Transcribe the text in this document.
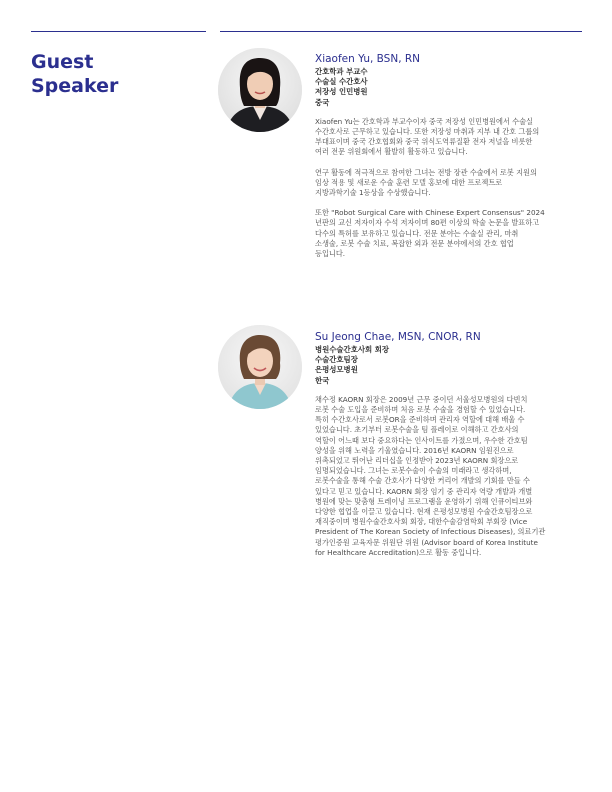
Guest
Speaker
Xiaofen Yu, BSN, RN

간호학과 부교수

수술실 수간호사

저장성 인민병원

중국

Xiaofen Yu는 간호학과 부교수이자 중국 저장성 인민병원에서 수술실

수간호사로 근무하고 있습니다. 또한 저장성 마취과 지부 내 간호 그룹의

부대표이며 중국 간호협회와 중국 위식도역류질환 전자 저널을 비롯한

여러 전문 위원회에서 활발히 활동하고 있습니다.

연구 활동에 적극적으로 참여한 그녀는 전방 장관 수술에서 로봇 지원의

임상 적용 및 새로운 수술 훈련 모델 홍보에 대한 프로젝트로

지방과학기술 1등상을 수상했습니다.

또한 "Robot Surgical Care with Chinese Expert Consensus" 2024

년판의 교신 저자이자 수석 저자이며 80편 이상의 학술 논문을 발표하고

다수의 특허를 보유하고 있습니다. 전문 분야는 수술실 관리, 마취

소생술, 로봇 수술 치료, 복잡한 외과 전문 분야에서의 간호 협업

등입니다.

Su Jeong Chae, MSN, CNOR, RN

병원수술간호사회 회장

수술간호팀장

은평성모병원

한국

채수정 KAORN 회장은 2009년 근무 중이던 서울성모병원의 다빈치

로봇 수술 도입을 준비하며 처음 로봇 수술을 경험할 수 있었습니다.

특히 수간호사로서 로봇OR을 준비하며 관리자 역할에 대해 배울 수

있었습니다. 초기부터 로봇수술을 팀 플레이로 이해하고 간호사의

역할이 어느때 보다 중요하다는 인사이트를 가졌으며, 우수한 간호팀

양성을 위해 노력을 기울였습니다. 2016년 KAORN 임원진으로

위촉되었고 뛰어난 리더십을 인정받아 2023년 KAORN 회장으로

임명되었습니다. 그녀는 로봇수술이 수술의 미래라고 생각하며,

로봇수술을 통해 수술 간호사가 다양한 커리어 개발의 기회를 만들 수

있다고 믿고 있습니다. KAORN 회장 임기 중 관리자 역량 개발과 개별

병원에 맞는 맞춤형 트레이닝 프로그램을 운영하기 위해 인큐이티브와

다양한 협업을 이끌고 있습니다. 현재 은평성모병원 수술간호팀장으로

재직중이며 병원수술간호사회 회장, 대한수술감염학회 부회장 (Vice

President of The Korean Society of Infectious Diseases), 의료기관

평가인증원 교육자문 위원단 위원 (Advisor board of Korea Institute

for Healthcare Accreditation)으로 활동 중입니다.
